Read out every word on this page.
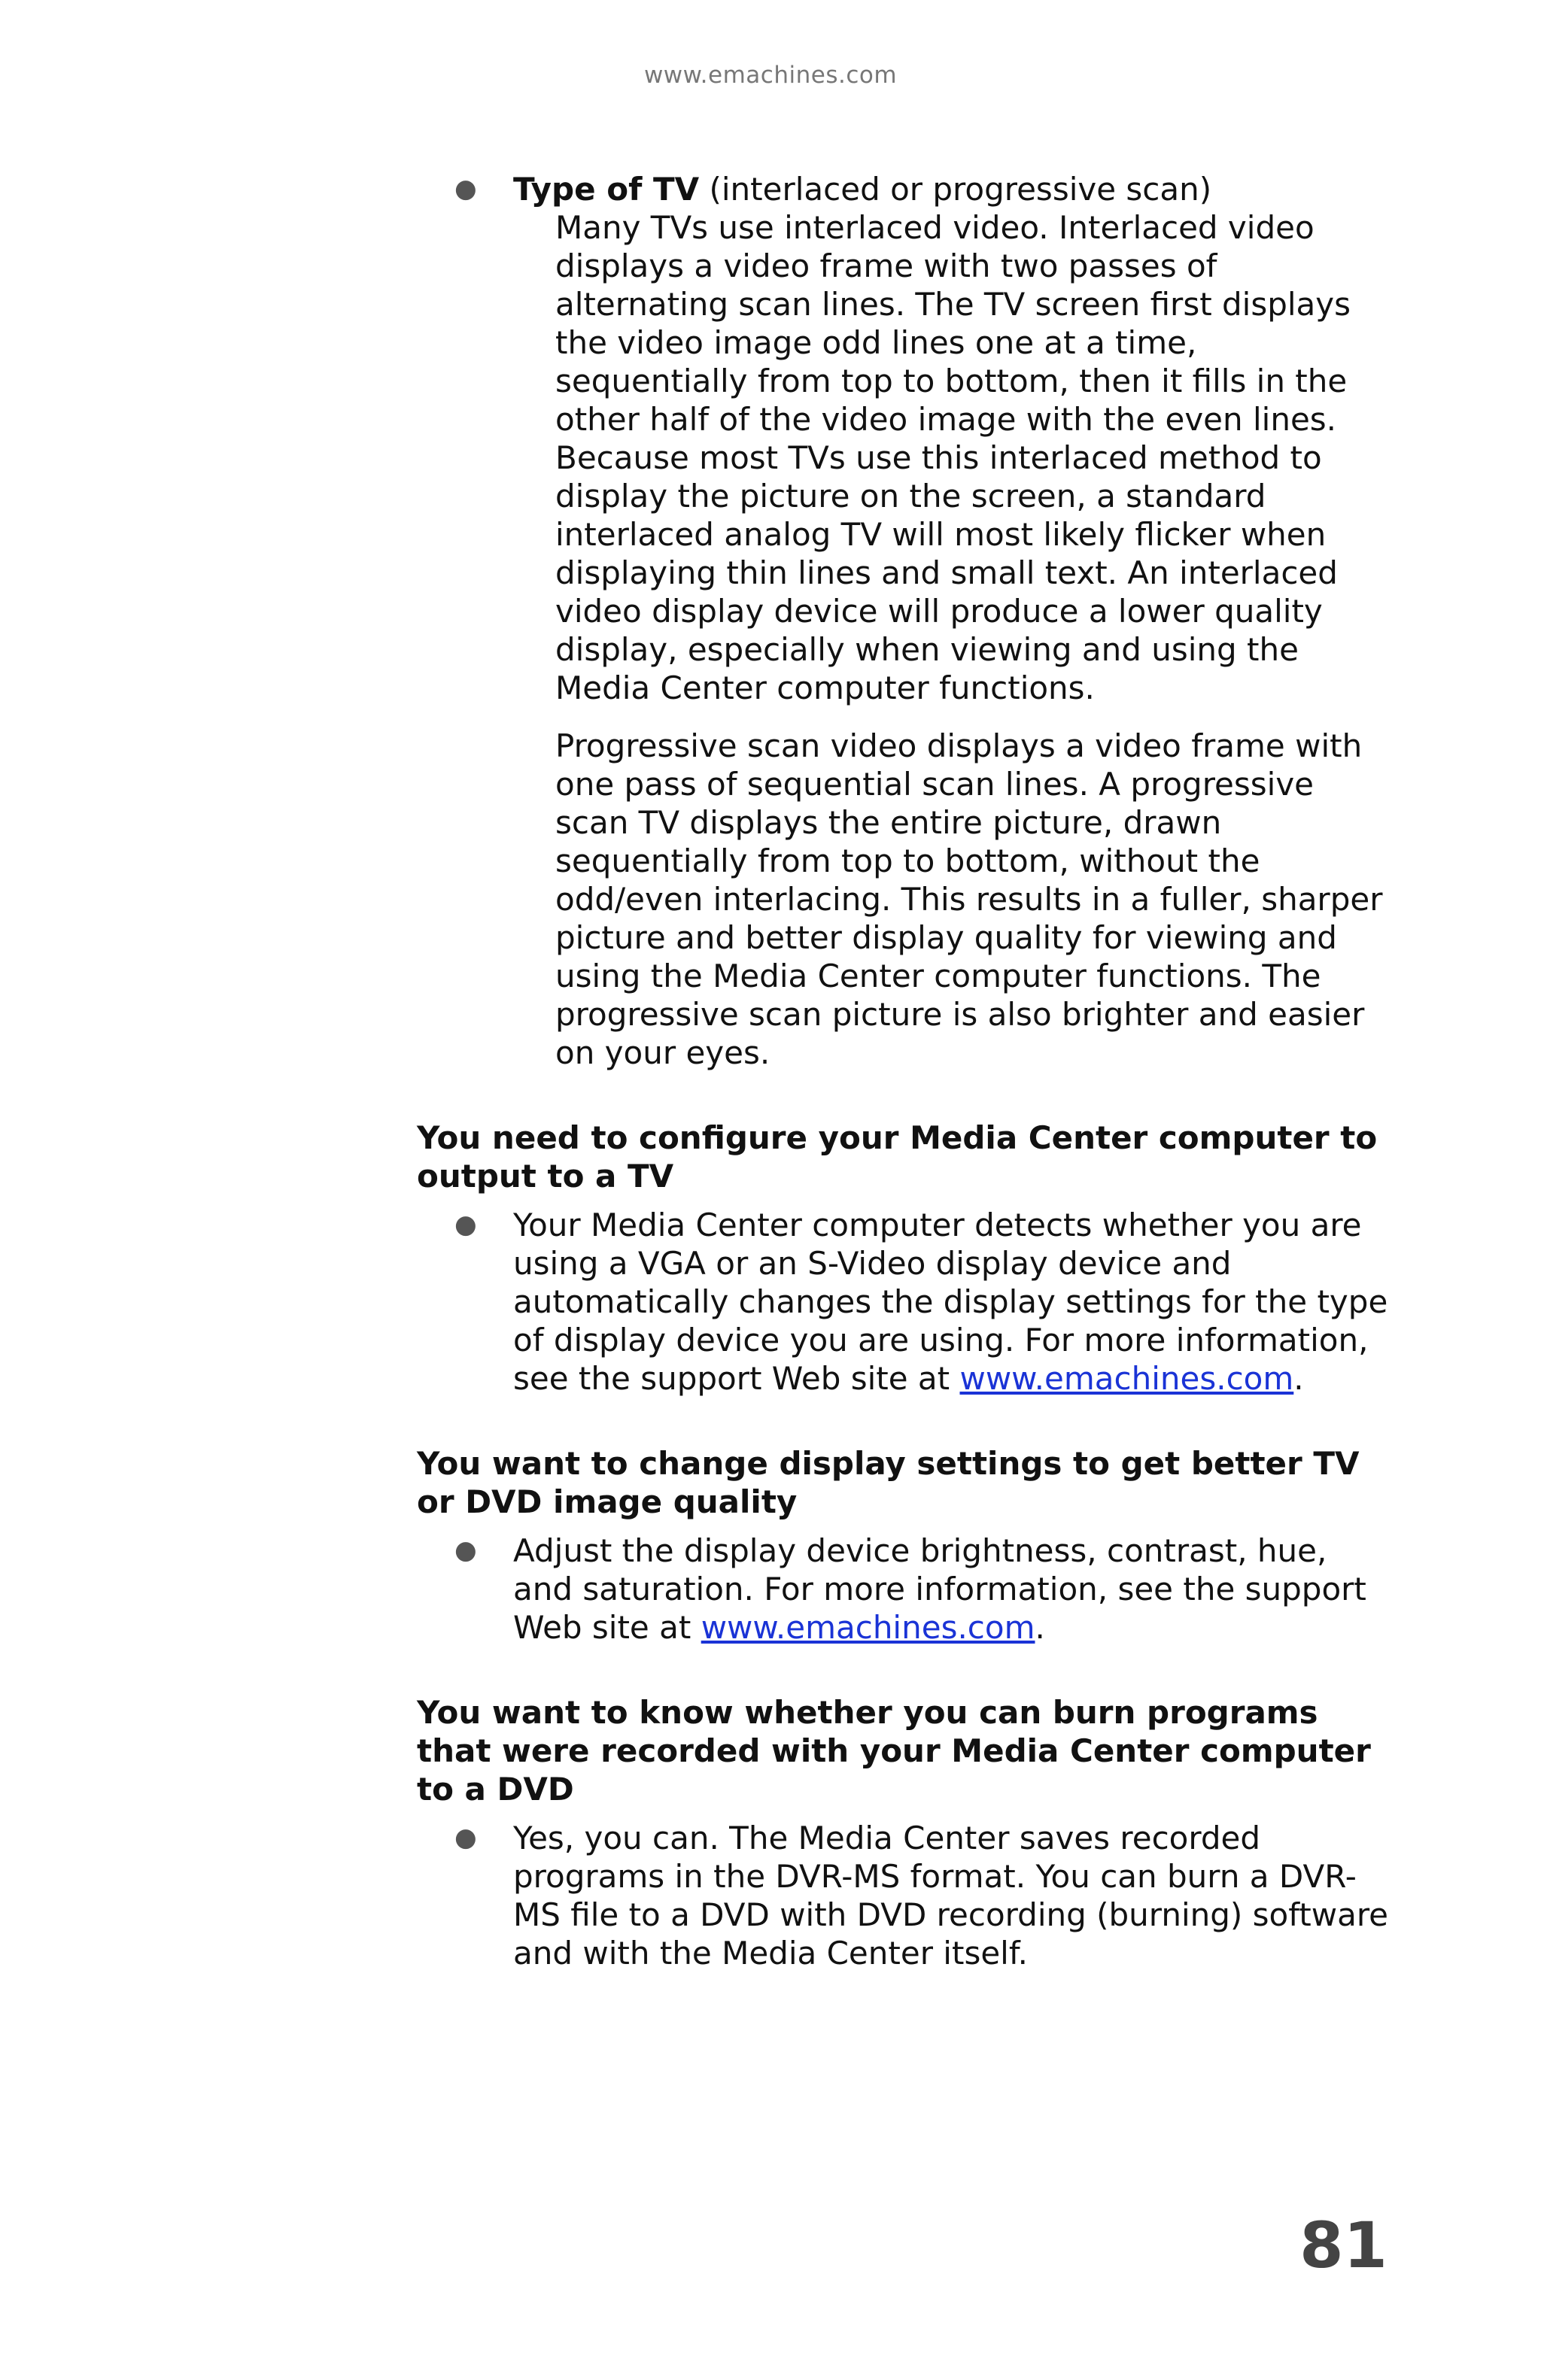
www.emachines.com
● Type of TV (interlaced or progressive scan)
Many TVs use interlaced video. Interlaced video displays a video frame with two passes of alternating scan lines. The TV screen first displays the video image odd lines one at a time, sequentially from top to bottom, then it fills in the other half of the video image with the even lines. Because most TVs use this interlaced method to display the picture on the screen, a standard interlaced analog TV will most likely flicker when displaying thin lines and small text. An interlaced video display device will produce a lower quality display, especially when viewing and using the Media Center computer functions.
Progressive scan video displays a video frame with one pass of sequential scan lines. A progressive scan TV displays the entire picture, drawn sequentially from top to bottom, without the odd/even interlacing. This results in a fuller, sharper picture and better display quality for viewing and using the Media Center computer functions. The progressive scan picture is also brighter and easier on your eyes.
You need to configure your Media Center computer to output to a TV
● Your Media Center computer detects whether you are using a VGA or an S-Video display device and automatically changes the display settings for the type of display device you are using. For more information, see the support Web site at www.emachines.com.
You want to change display settings to get better TV or DVD image quality
● Adjust the display device brightness, contrast, hue, and saturation. For more information, see the support Web site at www.emachines.com.
You want to know whether you can burn programs that were recorded with your Media Center computer to a DVD
● Yes, you can. The Media Center saves recorded programs in the DVR-MS format. You can burn a DVR-MS file to a DVD with DVD recording (burning) software and with the Media Center itself.
81
